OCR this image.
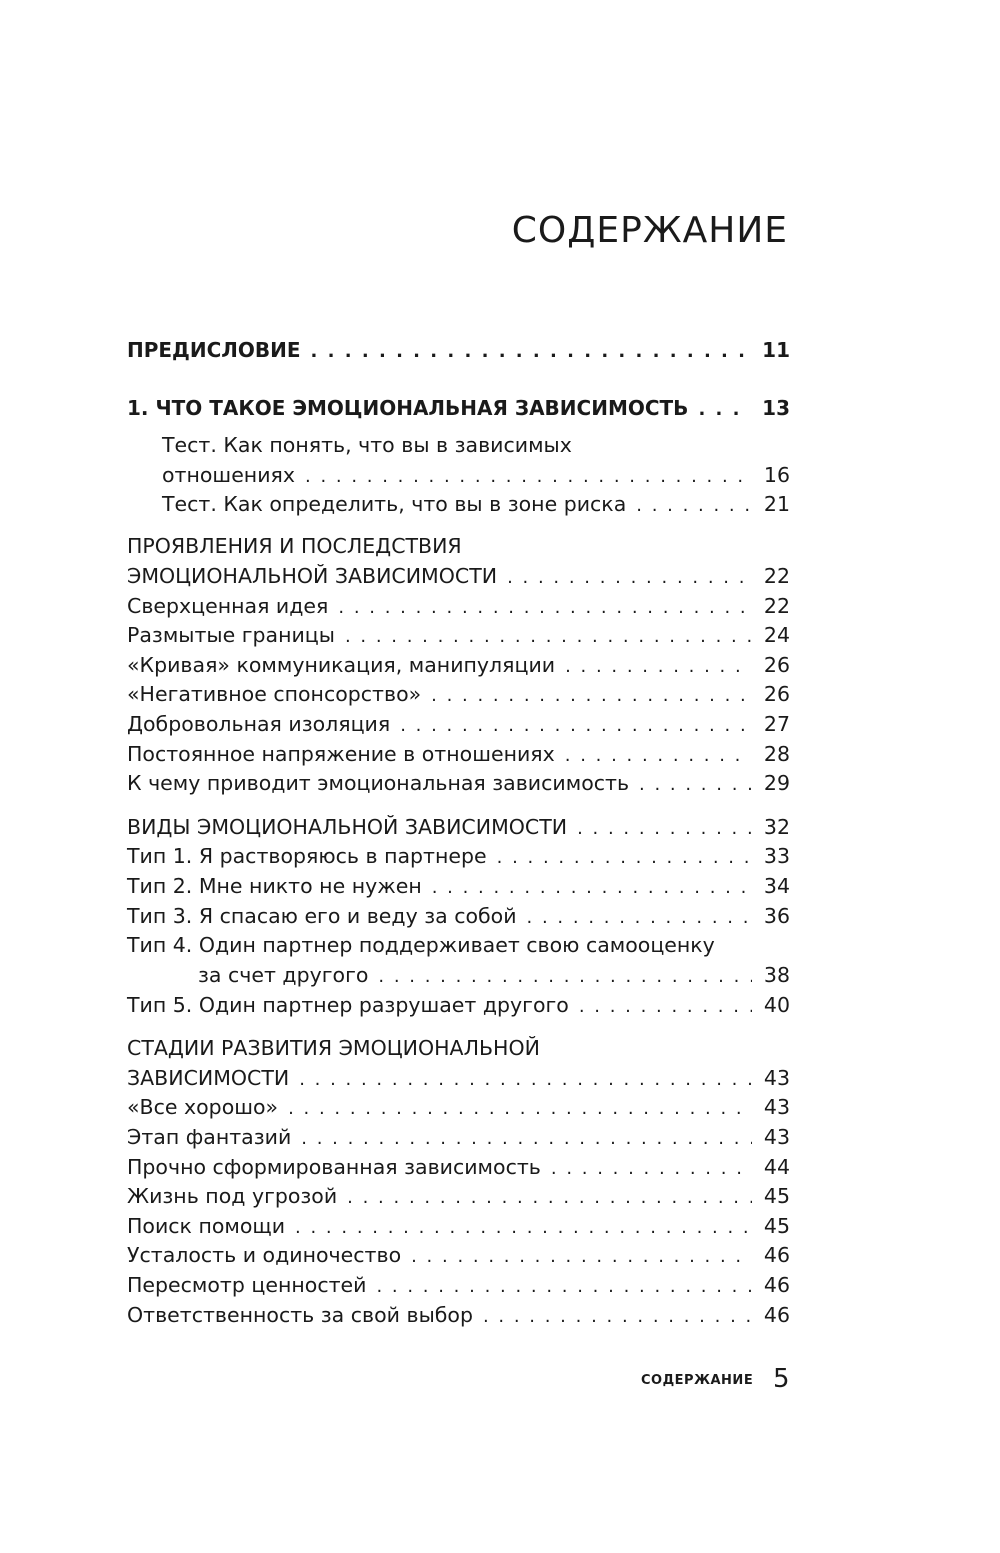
СОДЕРЖАНИЕ
ПРЕДИСЛОВИЕ . . .	11
1. ЧТО ТАКОЕ ЭМОЦИОНАЛЬНАЯ ЗАВИСИМОСТЬ . . .	13
Тест. Как понять, что вы в зависимых
отношениях . . .	16
Тест. Как определить, что вы в зоне риска . . .	21
ПРОЯВЛЕНИЯ И ПОСЛЕДСТВИЯ
ЭМОЦИОНАЛЬНОЙ ЗАВИСИМОСТИ . . .	22
Сверхценная идея . . .	22
Размытые границы . . .	24
«Кривая» коммуникация, манипуляции . . .	26
«Негативное спонсорство» . . .	26
Добровольная изоляция . . .	27
Постоянное напряжение в отношениях . . .	28
К чему приводит эмоциональная зависимость . . .	29
ВИДЫ ЭМОЦИОНАЛЬНОЙ ЗАВИСИМОСТИ . . .	32
Тип 1. Я растворяюсь в партнере . . .	33
Тип 2. Мне никто не нужен . . .	34
Тип 3. Я спасаю его и веду за собой . . .	36
Тип 4. Один партнер поддерживает свою самооценку
за счет другого . . .	38
Тип 5. Один партнер разрушает другого . . .	40
СТАДИИ РАЗВИТИЯ ЭМОЦИОНАЛЬНОЙ
ЗАВИСИМОСТИ . . .	43
«Все хорошо» . . .	43
Этап фантазий . . .	43
Прочно сформированная зависимость . . .	44
Жизнь под угрозой . . .	45
Поиск помощи . . .	45
Усталость и одиночество . . .	46
Пересмотр ценностей . . .	46
Ответственность за свой выбор . . .	46
СОДЕРЖАНИЕ 5
